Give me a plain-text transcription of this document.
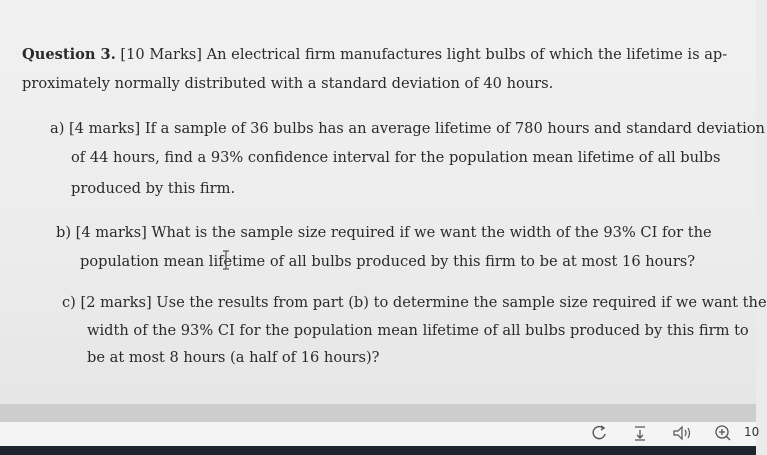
Question 3. [10 Marks] An electrical firm manufactures light bulbs of which the lifetime is ap-
proximately normally distributed with a standard deviation of 40 hours.
a) [4 marks] If a sample of 36 bulbs has an average lifetime of 780 hours and standard deviation
of 44 hours, find a 93% confidence interval for the population mean lifetime of all bulbs
produced by this firm.
b) [4 marks] What is the sample size required if we want the width of the 93% CI for the
population mean lifetime of all bulbs produced by this firm to be at most 16 hours?
c) [2 marks] Use the results from part (b) to determine the sample size required if we want the
width of the 93% CI for the population mean lifetime of all bulbs produced by this firm to
be at most 8 hours (a half of 16 hours)?
10
